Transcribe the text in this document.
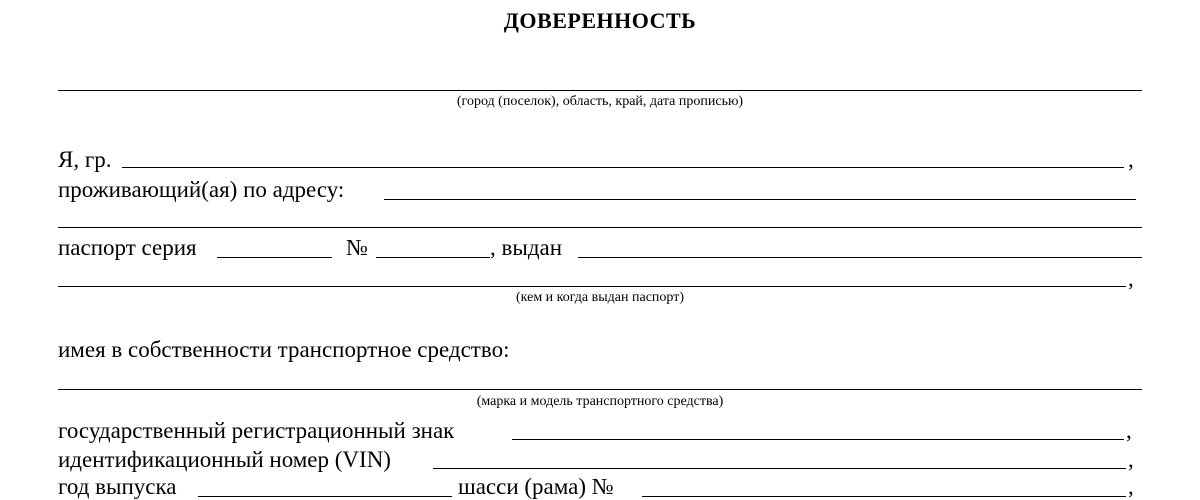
ДОВЕРЕННОСТЬ
(город (поселок), область, край, дата прописью)
Я, гр.	,
проживающий(ая) по адресу:
паспорт серия	№	, выдан
,
(кем и когда выдан паспорт)
имея в собственности транспортное средство:
(марка и модель транспортного средства)
государственный регистрационный знак	,
идентификационный номер (VIN)	,
год выпуска	шасси (рама) №	,
